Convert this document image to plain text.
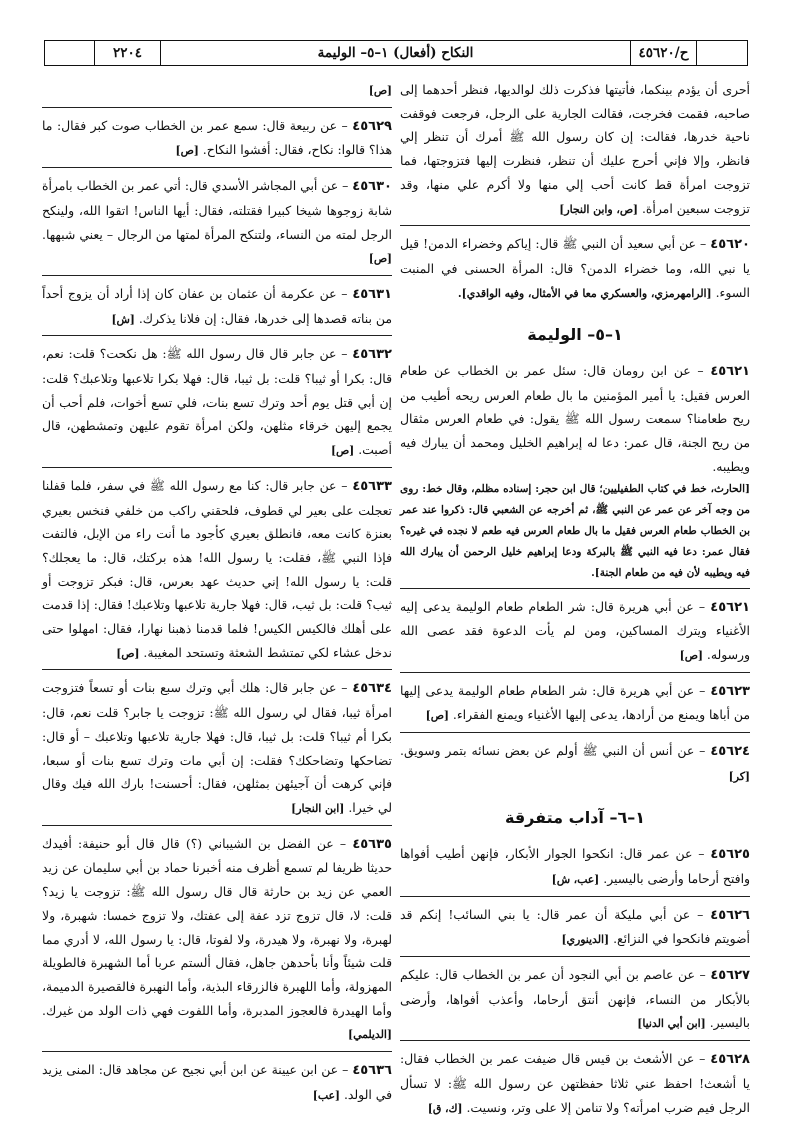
٢٢٠٤	النكاح (أفعال) ١–٥– الوليمة	ح/٤٥٦٢٠
أحرى أن يؤدم بينكما، فأتيتها فذكرت ذلك لوالديها، فنظر أحدهما إلى صاحبه، فقمت فخرجت، فقالت الجارية على الرجل، فرجعت فوقفت ناحية خدرها، فقالت: إن كان رسول الله ﷺ أمرك أن تنظر إلي فانظر، وإلا فإني أحرج عليك أن تنظر، فنظرت إليها فتزوجتها، فما تزوجت امرأة قط كانت أحب إلي منها ولا أكرم علي منها، وقد تزوجت سبعين امرأة. [ص، وابن النجار]
٤٥٦٢٠ – عن أبي سعيد أن النبي ﷺ قال: إياكم وخضراء الدمن! قيل يا نبي الله، وما خضراء الدمن؟ قال: المرأة الحسنى في المنبت السوء. [الرامهرمزي، والعسكري معا في الأمثال، وفيه الواقدي].
١–٥– الوليمة
٤٥٦٢١ – عن ابن رومان قال: سئل عمر بن الخطاب عن طعام العرس فقيل: يا أمير المؤمنين ما بال طعام العرس ريحه أطيب من ريح طعامنا؟ سمعت رسول الله ﷺ يقول: في طعام العرس مثقال من ريح الجنة، قال عمر: دعا له إبراهيم الخليل ومحمد أن يبارك فيه ويطيبه.
[الحارث، خط في كتاب الطفيليين؛ قال ابن حجر: إسناده مظلم، وقال خط: روى من وجه آخر عن عمر عن النبي ﷺ، ثم أخرجه عن الشعبي قال: ذكروا عند عمر بن الخطاب طعام العرس فقيل ما بال طعام العرس فيه طعم لا نجده في غيره؟ فقال عمر: دعا فيه النبي ﷺ بالبركة ودعا إبراهيم خليل الرحمن أن يبارك الله فيه ويطيبه لأن فيه من طعام الجنة].
٤٥٦٢١ – عن أبي هريرة قال: شر الطعام طعام الوليمة يدعى إليه الأغنياء ويترك المساكين، ومن لم يأت الدعوة فقد عصى الله ورسوله. [ص]
٤٥٦٢٣ – عن أبي هريرة قال: شر الطعام طعام الوليمة يدعى إليها من أباها ويمنع من أرادها، يدعى إليها الأغنياء ويمنع الفقراء. [ص]
٤٥٦٢٤ – عن أنس أن النبي ﷺ أولم عن بعض نسائه بتمر وسويق. [كر]
١–٦– آداب متفرقة
٤٥٦٢٥ – عن عمر قال: انكحوا الجوار الأبكار، فإنهن أطيب أفواها وافتح أرحاما وأرضى باليسير. [عب، ش]
٤٥٦٢٦ – عن أبي مليكة أن عمر قال: يا بني السائب! إنكم قد أضويتم فانكحوا في النزائع. [الدينوري]
٤٥٦٢٧ – عن عاصم بن أبي النجود أن عمر بن الخطاب قال: عليكم بالأبكار من النساء، فإنهن أنتق أرحاما، وأعذب أفواها، وأرضى باليسير. [ابن أبي الدنيا]
٤٥٦٢٨ – عن الأشعث بن قيس قال ضيفت عمر بن الخطاب فقال: يا أشعث! احفظ عني ثلاثا حفظتهن عن رسول الله ﷺ: لا تسأل الرجل فيم ضرب امرأته؟ ولا تنامن إلا على وتر، ونسيت. [ك، ق]
[ص]
٤٥٦٢٩ – عن ربيعة قال: سمع عمر بن الخطاب صوت كبر فقال: ما هذا؟ قالوا: نكاح، فقال: أفشوا النكاح. [ص]
٤٥٦٣٠ – عن أبي المجاشر الأسدي قال: أتي عمر بن الخطاب بامرأة شابة زوجوها شيخا كبيرا فقتلته، فقال: أيها الناس! اتقوا الله، ولينكح الرجل لمته من النساء، ولتنكح المرأة لمتها من الرجال – يعني شبهها. [ص]
٤٥٦٣١ – عن عكرمة أن عثمان بن عفان كان إذا أراد أن يزوج أحداً من بناته قصدها إلى خدرها، فقال: إن فلانا يذكرك. [ش]
٤٥٦٣٢ – عن جابر قال قال رسول الله ﷺ: هل نكحت؟ قلت: نعم، قال: بكرا أو ثيبا؟ قلت: بل ثيبا، قال: فهلا بكرا تلاعبها وتلاعبك؟ قلت: إن أبي قتل يوم أحد وترك تسع بنات، فلي تسع أخوات، فلم أحب أن يجمع إليهن خرقاء مثلهن، ولكن امرأة تقوم عليهن وتمشطهن، قال أصبت. [ص]
٤٥٦٣٣ – عن جابر قال: كنا مع رسول الله ﷺ في سفر، فلما قفلنا تعجلت على بعير لي قطوف، فلحقني راكب من خلفي فنخس بعيري بعنزة كانت معه، فانطلق بعيري كأجود ما أنت راء من الإبل، فالتفت فإذا النبي ﷺ، فقلت: يا رسول الله! هذه بركتك، قال: ما يعجلك؟ قلت: يا رسول الله! إني حديث عهد بعرس، قال: فبكر تزوجت أو ثيب؟ قلت: بل ثيب، قال: فهلا جارية تلاعبها وتلاعبك! فقال: إذا قدمت على أهلك فالكيس الكيس! فلما قدمنا ذهبنا نهارا، فقال: امهلوا حتى ندخل عشاء لكي تمتشط الشعثة وتستحد المغيبة. [ص]
٤٥٦٣٤ – عن جابر قال: هلك أبي وترك سبع بنات أو تسعاً فتزوجت امرأة ثيبا، فقال لي رسول الله ﷺ: تزوجت يا جابر؟ قلت نعم، قال: بكرا أم ثيبا؟ قلت: بل ثيبا، قال: فهلا جارية تلاعبها وتلاعبك – أو قال: تضاحكها وتضاحكك؟ فقلت: إن أبي مات وترك تسع بنات أو سبعا، فإني كرهت أن آجيئهن بمثلهن، فقال: أحسنت! بارك الله فيك وقال لي خيرا. [ابن النجار]
٤٥٦٣٥ – عن الفضل بن الشيباني (؟) قال قال أبو حنيفة: أفيدك حديثا ظريفا لم تسمع أظرف منه أخبرنا حماد بن أبي سليمان عن زيد العمي عن زيد بن حارثة قال قال رسول الله ﷺ: تزوجت يا زيد؟ قلت: لا، قال تزوج تزد عفة إلى عفتك، ولا تزوج خمسا: شهبرة، ولا لهبرة، ولا نهبرة، ولا هيدرة، ولا لفوتا، قال: يا رسول الله، لا أدري مما قلت شيئاً وأنا بأحدهن جاهل، فقال ألستم عربا أما الشهبرة فالطويلة المهزولة، وأما اللهبرة فالزرقاء البذية، وأما النهبرة فالقصيرة الدميمة، وأما الهيدرة فالعجوز المدبرة، وأما اللفوت فهي ذات الولد من غيرك. [الديلمي]
٤٥٦٣٦ – عن ابن عيينة عن ابن أبي نجيح عن مجاهد قال: المنى يزيد في الولد. [عب]
